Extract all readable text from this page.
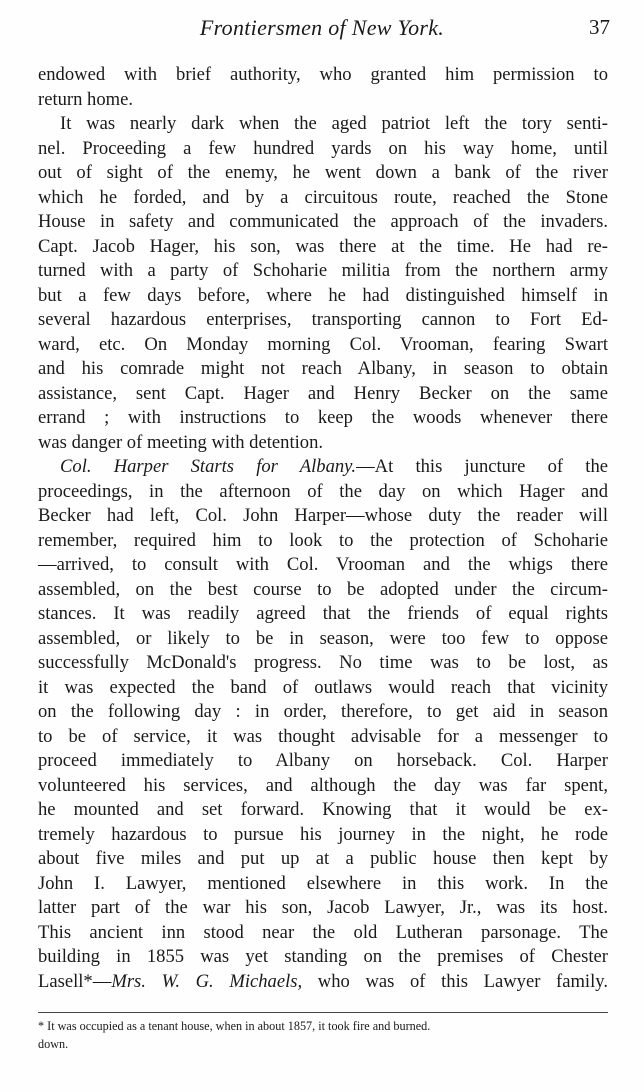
Frontiersmen of New York.	37
endowed with brief authority, who granted him permission to
return home.
It was nearly dark when the aged patriot left the tory senti-
nel. Proceeding a few hundred yards on his way home, until
out of sight of the enemy, he went down a bank of the river
which he forded, and by a circuitous route, reached the Stone
House in safety and communicated the approach of the invaders.
Capt. Jacob Hager, his son, was there at the time. He had re-
turned with a party of Schoharie militia from the northern army
but a few days before, where he had distinguished himself in
several hazardous enterprises, transporting cannon to Fort Ed-
ward, etc. On Monday morning Col. Vrooman, fearing Swart
and his comrade might not reach Albany, in season to obtain
assistance, sent Capt. Hager and Henry Becker on the same
errand ; with instructions to keep the woods whenever there
was danger of meeting with detention.
Col. Harper Starts for Albany.—At this juncture of the
proceedings, in the afternoon of the day on which Hager and
Becker had left, Col. John Harper—whose duty the reader will
remember, required him to look to the protection of Schoharie
—arrived, to consult with Col. Vrooman and the whigs there
assembled, on the best course to be adopted under the circum-
stances. It was readily agreed that the friends of equal rights
assembled, or likely to be in season, were too few to oppose
successfully McDonald's progress. No time was to be lost, as
it was expected the band of outlaws would reach that vicinity
on the following day : in order, therefore, to get aid in season
to be of service, it was thought advisable for a messenger to
proceed immediately to Albany on horseback. Col. Harper
volunteered his services, and although the day was far spent,
he mounted and set forward. Knowing that it would be ex-
tremely hazardous to pursue his journey in the night, he rode
about five miles and put up at a public house then kept by
John I. Lawyer, mentioned elsewhere in this work. In the
latter part of the war his son, Jacob Lawyer, Jr., was its host.
This ancient inn stood near the old Lutheran parsonage. The
building in 1855 was yet standing on the premises of Chester
Lasell*—Mrs. W. G. Michaels, who was of this Lawyer family.
* It was occupied as a tenant house, when in about 1857, it took fire and burned.
down.
